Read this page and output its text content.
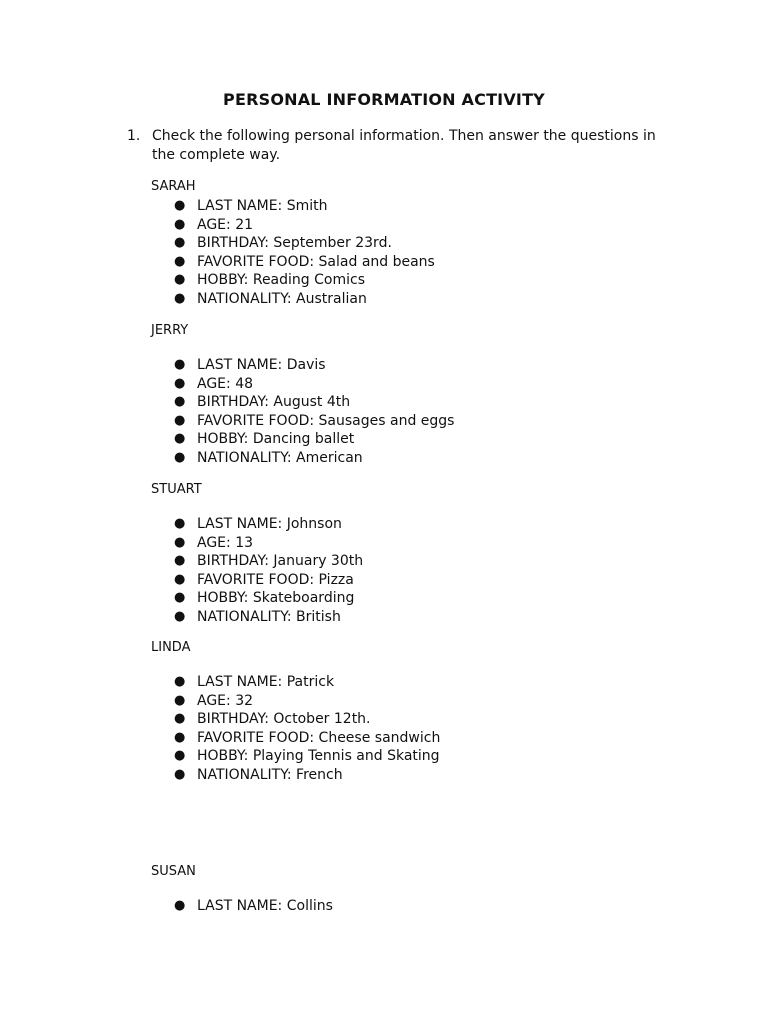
PERSONAL INFORMATION ACTIVITY
1. Check the following personal information. Then answer the questions in the complete way.

SARAH

● LAST NAME: Smith
● AGE: 21
● BIRTHDAY: September 23rd.
● FAVORITE FOOD: Salad and beans
● HOBBY: Reading Comics
● NATIONALITY: Australian

JERRY

● LAST NAME: Davis
● AGE: 48
● BIRTHDAY: August 4th
● FAVORITE FOOD: Sausages and eggs
● HOBBY: Dancing ballet
● NATIONALITY: American

STUART

● LAST NAME: Johnson
● AGE: 13
● BIRTHDAY: January 30th
● FAVORITE FOOD: Pizza
● HOBBY: Skateboarding
● NATIONALITY: British

LINDA

● LAST NAME: Patrick
● AGE: 32
● BIRTHDAY: October 12th.
● FAVORITE FOOD: Cheese sandwich
● HOBBY: Playing Tennis and Skating
● NATIONALITY: French

SUSAN

● LAST NAME: Collins
